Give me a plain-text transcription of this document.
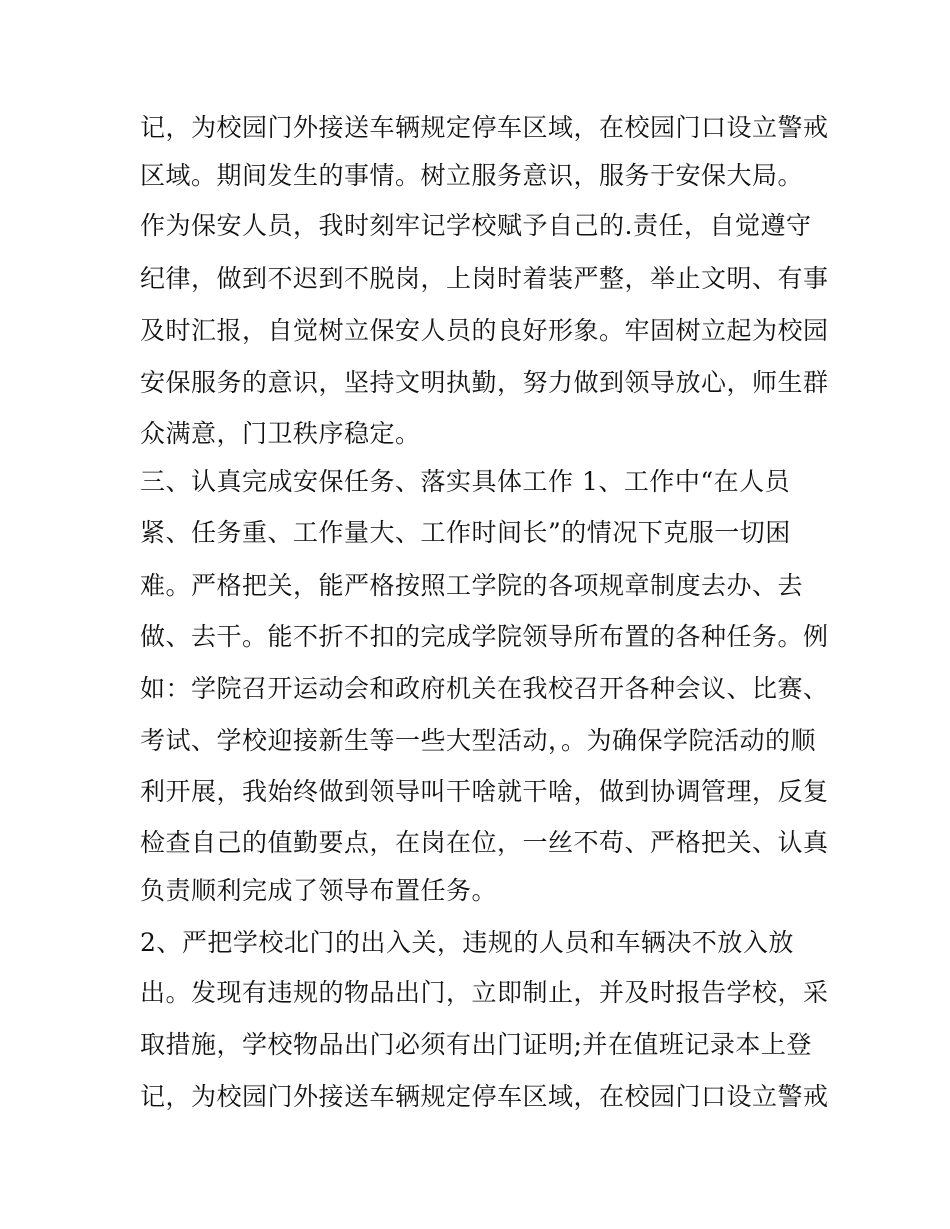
记，为校园门外接送车辆规定停车区域，在校园门口设立警戒
区域。期间发生的事情。树立服务意识，服务于安保大局。
作为保安人员，我时刻牢记学校赋予自己的.责任，自觉遵守
纪律，做到不迟到不脱岗，上岗时着装严整，举止文明、有事
及时汇报，自觉树立保安人员的良好形象。牢固树立起为校园
安保服务的意识，坚持文明执勤，努力做到领导放心，师生群
众满意，门卫秩序稳定。
三、认真完成安保任务、落实具体工作 1、工作中“在人员
紧、任务重、工作量大、工作时间长”的情况下克服一切困
难。严格把关，能严格按照工学院的各项规章制度去办、去
做、去干。能不折不扣的完成学院领导所布置的各种任务。例
如：学院召开运动会和政府机关在我校召开各种会议、比赛、
考试、学校迎接新生等一些大型活动，。为确保学院活动的顺
利开展，我始终做到领导叫干啥就干啥，做到协调管理，反复
检查自己的值勤要点，在岗在位，一丝不苟、严格把关、认真
负责顺利完成了领导布置任务。
2、严把学校北门的出入关，违规的人员和车辆决不放入放
出。发现有违规的物品出门，立即制止，并及时报告学校，采
取措施，学校物品出门必须有出门证明;并在值班记录本上登
记，为校园门外接送车辆规定停车区域，在校园门口设立警戒
